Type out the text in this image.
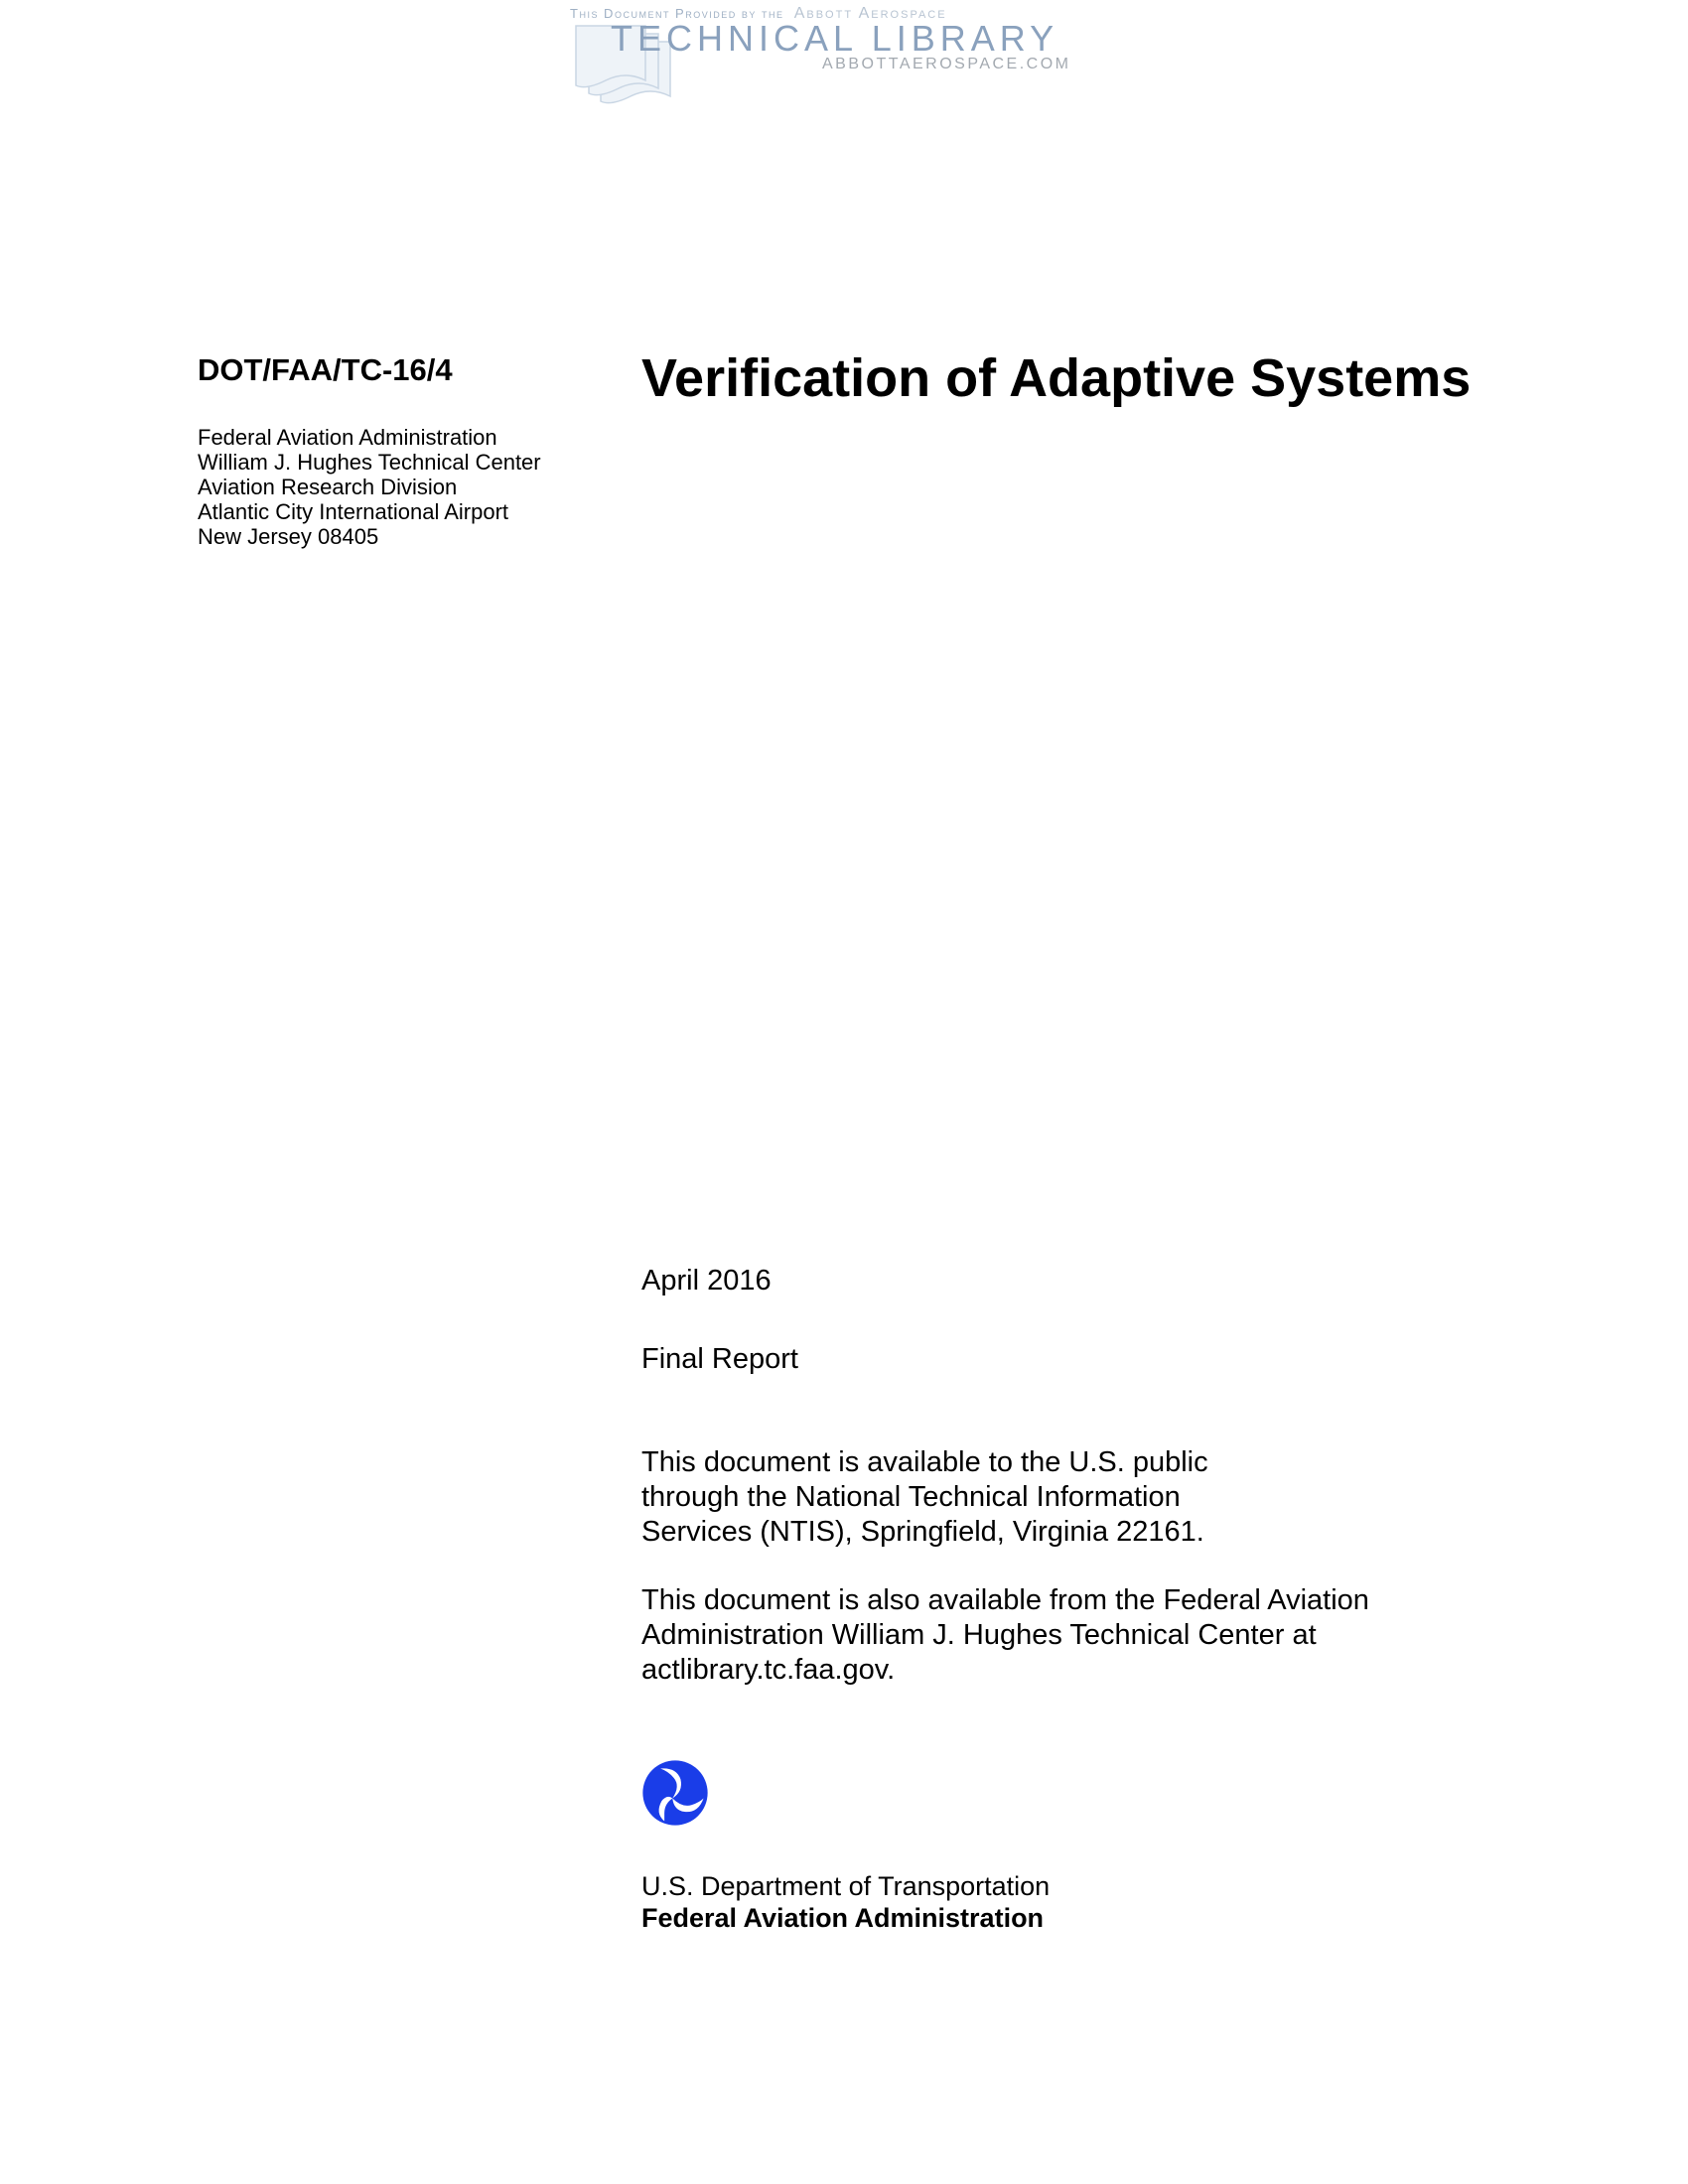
This Document Provided by the Abbott Aerospace
TECHNICAL LIBRARY
ABBOTTAEROSPACE.COM
DOT/FAA/TC-16/4	Verification of Adaptive Systems
Federal Aviation Administration
William J. Hughes Technical Center
Aviation Research Division
Atlantic City International Airport
New Jersey 08405
April 2016
Final Report
This document is available to the U.S. public
through the National Technical Information
Services (NTIS), Springfield, Virginia 22161.
This document is also available from the Federal Aviation
Administration William J. Hughes Technical Center at
actlibrary.tc.faa.gov.
U.S. Department of Transportation
Federal Aviation Administration
